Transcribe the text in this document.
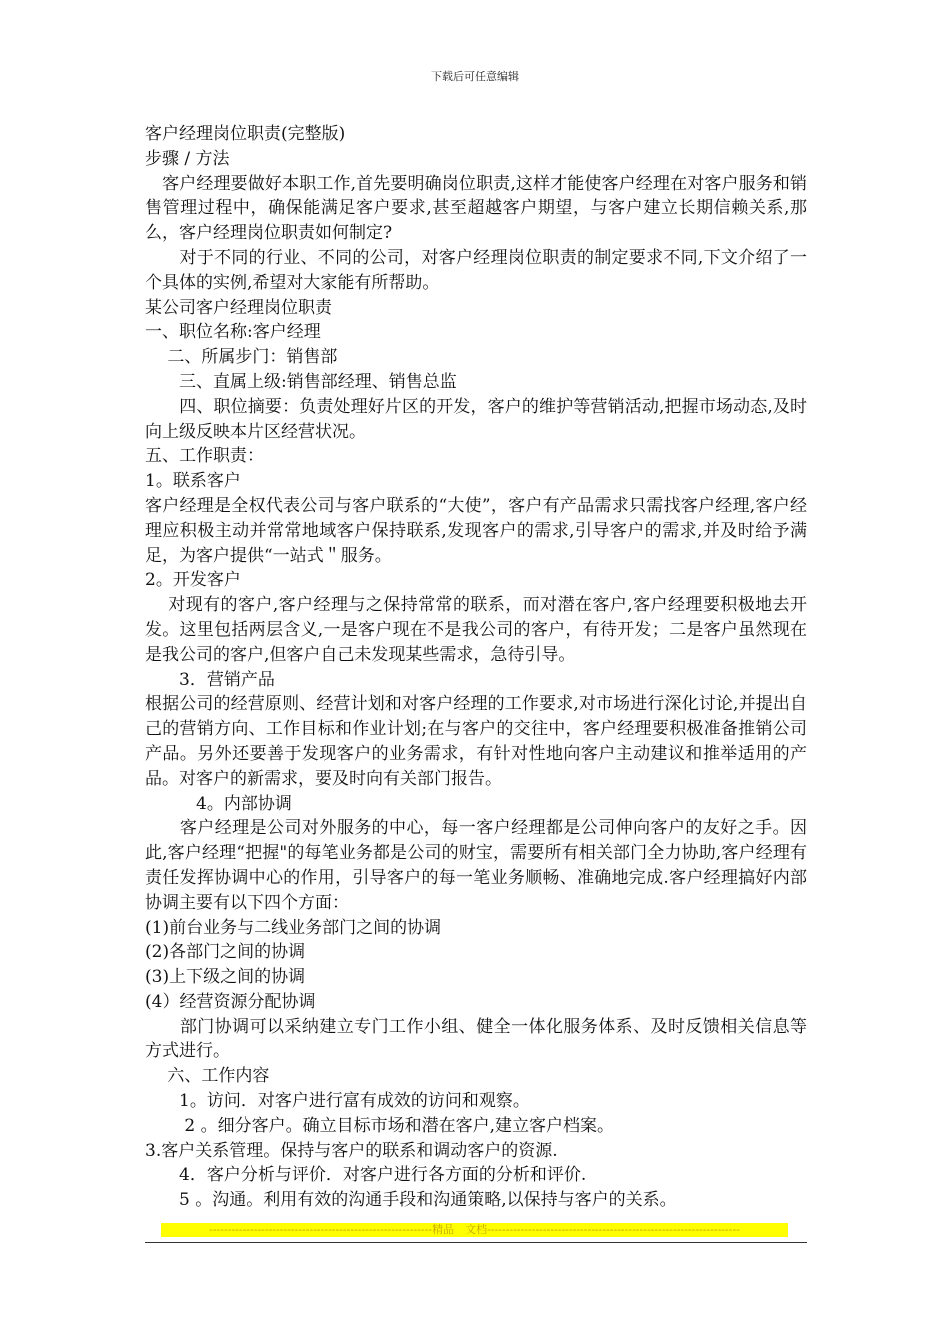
下载后可任意编辑

客户经理岗位职责(完整版)

步骤 / 方法

　客户经理要做好本职工作,首先要明确岗位职责,这样才能使客户经理在对客户服务和销售管理过程中，确保能满足客户要求,甚至超越客户期望，与客户建立长期信赖关系,那么，客户经理岗位职责如何制定?

　　对于不同的行业、不同的公司，对客户经理岗位职责的制定要求不同,下文介绍了一个具体的实例,希望对大家能有所帮助。

某公司客户经理岗位职责

一、职位名称:客户经理

　 二、所属步门：销售部

　　三、直属上级:销售部经理、销售总监

　　四、职位摘要：负责处理好片区的开发，客户的维护等营销活动,把握市场动态,及时向上级反映本片区经营状况。

五、工作职责：

1。联系客户

客户经理是全权代表公司与客户联系的“大使”，客户有产品需求只需找客户经理,客户经理应积极主动并常常地域客户保持联系,发现客户的需求,引导客户的需求,并及时给予满足，为客户提供“一站式＂服务。

2。开发客户

　 对现有的客户,客户经理与之保持常常的联系，而对潜在客户,客户经理要积极地去开发。这里包括两层含义,一是客户现在不是我公司的客户，有待开发；二是客户虽然现在是我公司的客户,但客户自己未发现某些需求，急待引导。

　　3．营销产品

根据公司的经营原则、经营计划和对客户经理的工作要求,对市场进行深化讨论,并提出自己的营销方向、工作目标和作业计划;在与客户的交往中，客户经理要积极准备推销公司产品。另外还要善于发现客户的业务需求，有针对性地向客户主动建议和推举适用的产品。对客户的新需求，要及时向有关部门报告。

　　　4。内部协调

　　客户经理是公司对外服务的中心，每一客户经理都是公司伸向客户的友好之手。因此,客户经理“把握"的每笔业务都是公司的财宝，需要所有相关部门全力协助,客户经理有责任发挥协调中心的作用，引导客户的每一笔业务顺畅、准确地完成.客户经理搞好内部协调主要有以下四个方面：

(1)前台业务与二线业务部门之间的协调

(2)各部门之间的协调

(3)上下级之间的协调

(4）经营资源分配协调

　　部门协调可以采纳建立专门工作小组、健全一体化服务体系、及时反馈相关信息等方式进行。

　 六、工作内容

　　1。访问．对客户进行富有成效的访问和观察。

　　 2 。细分客户。确立目标市场和潜在客户,建立客户档案。

3.客户关系管理。保持与客户的联系和调动客户的资源.

　　4．客户分析与评价．对客户进行各方面的分析和评价.

　　5 。沟通。利用有效的沟通手段和沟通策略,以保持与客户的关系。

------------------------------------------------------------精品　文档--------------------------------------------------------------------
